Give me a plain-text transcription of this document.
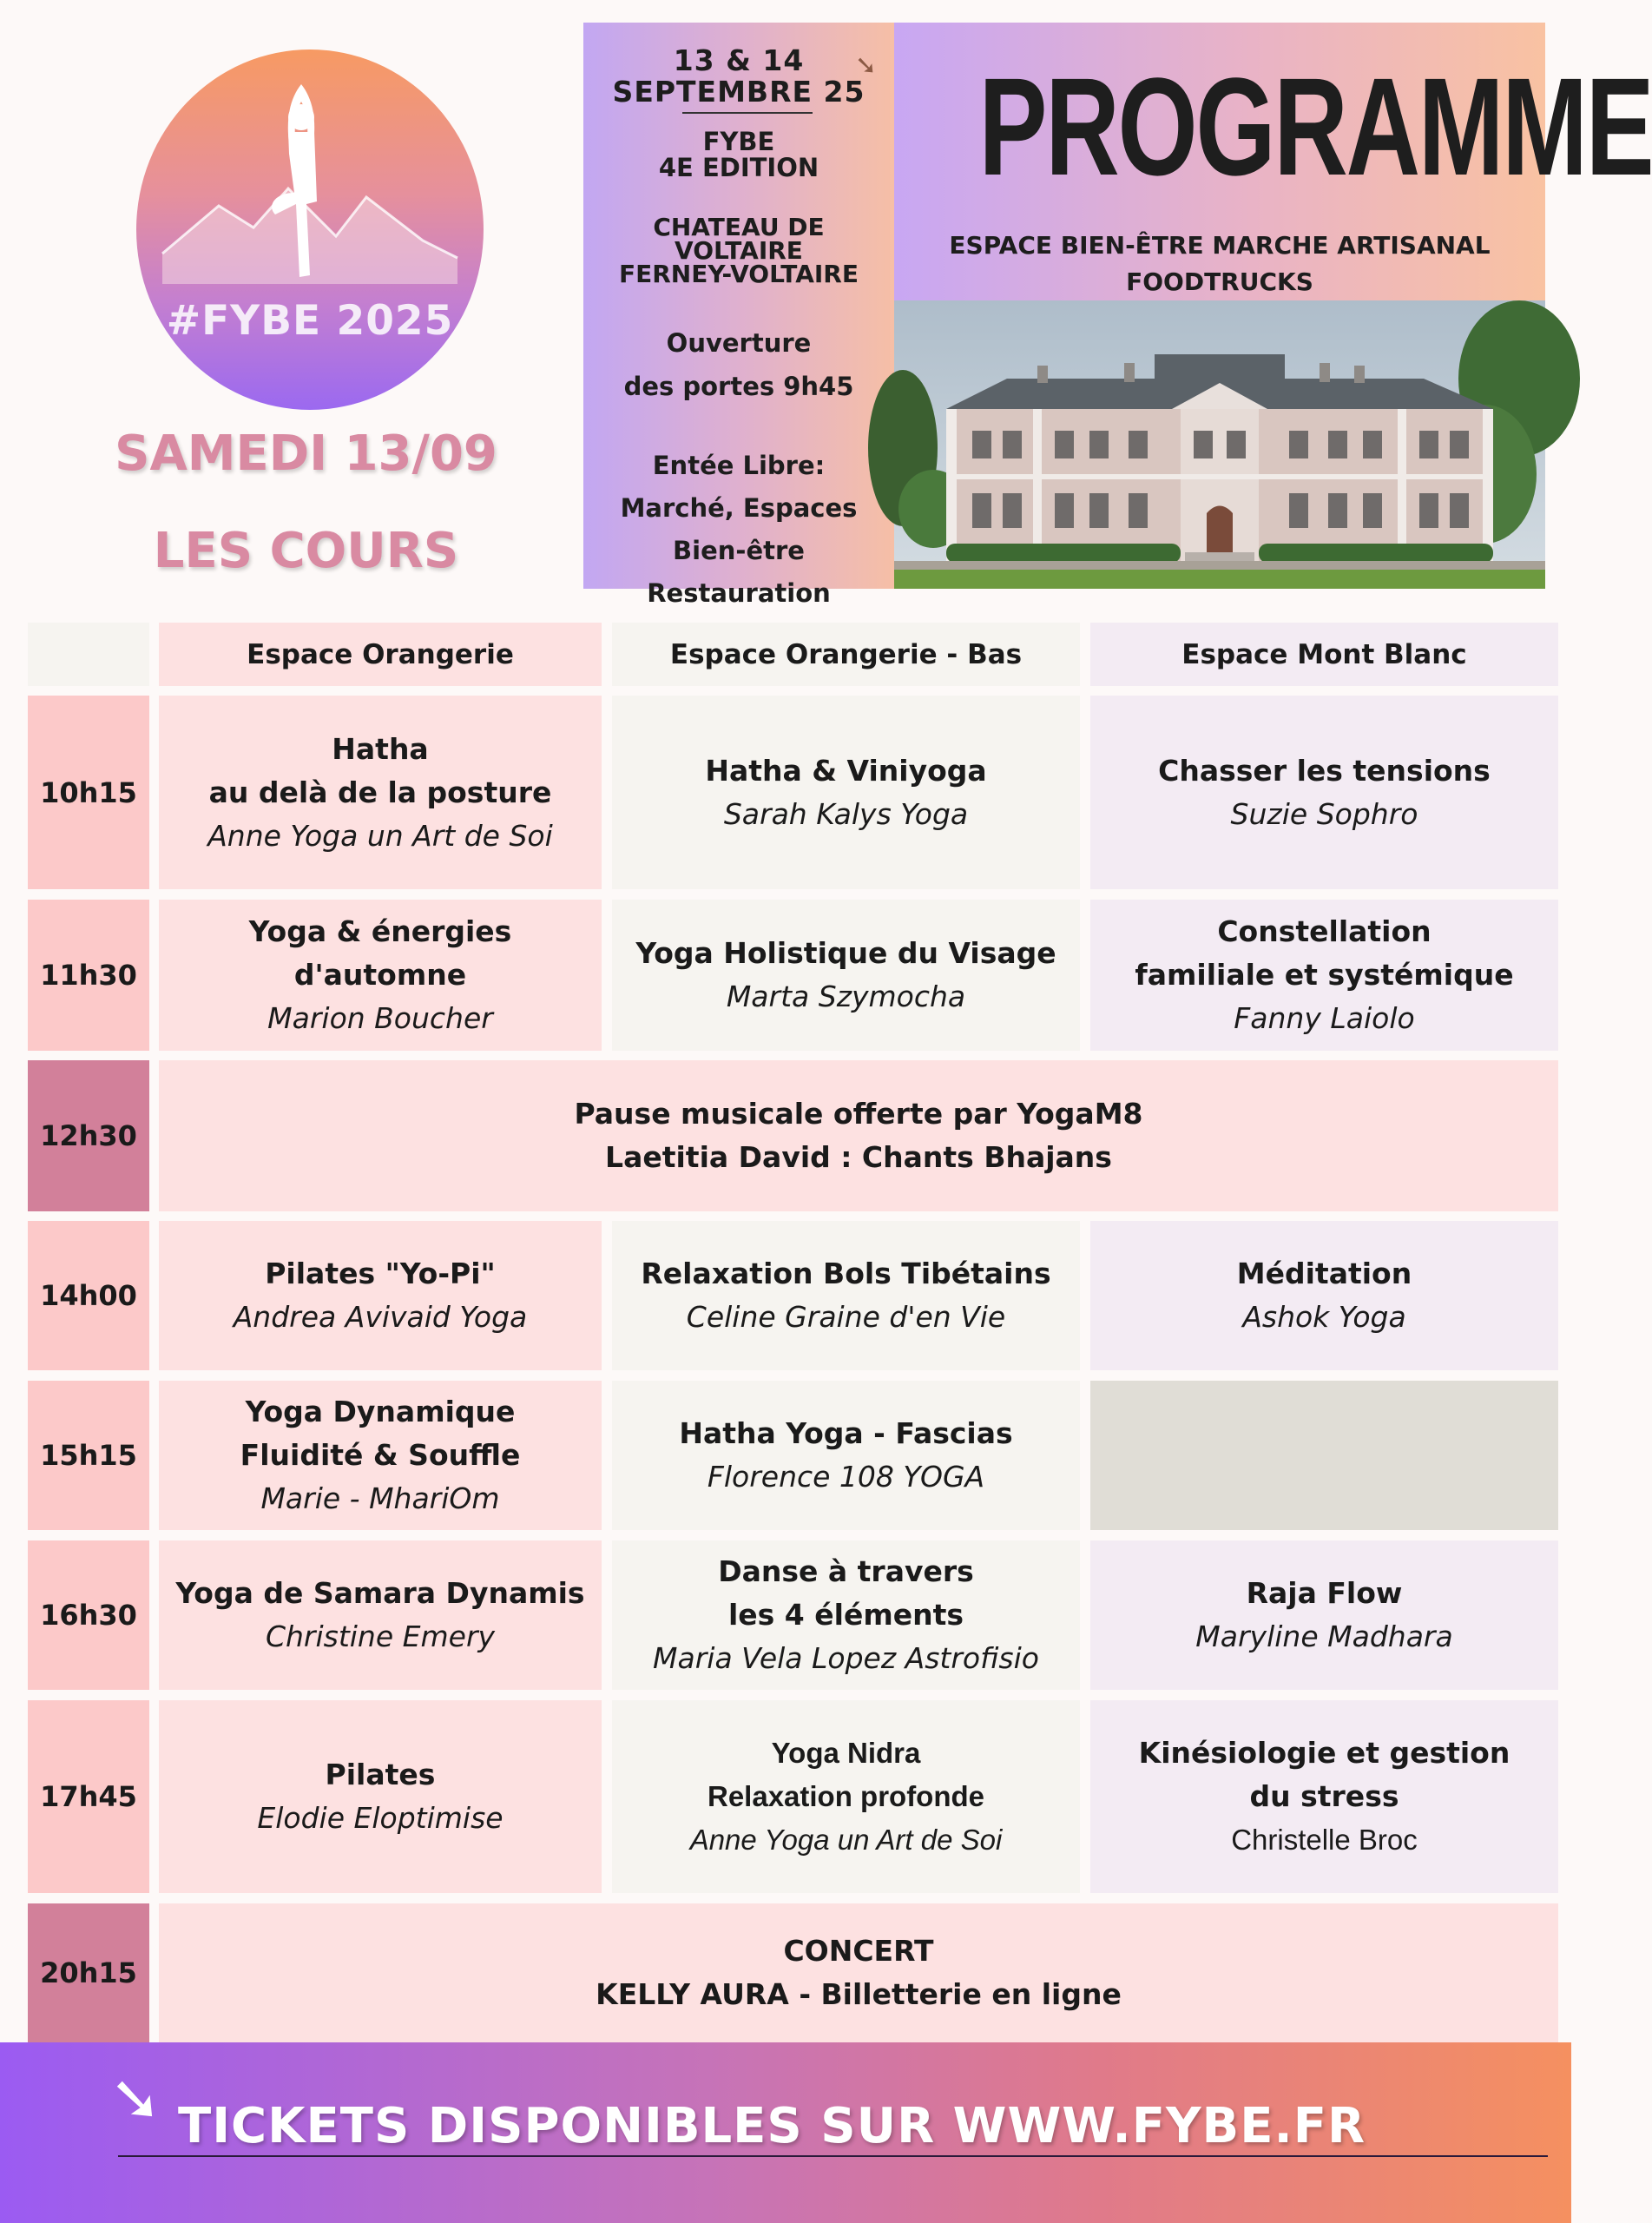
#FYBE 2025
SAMEDI 13/09
LES COURS
13 & 14
SEPTEMBRE 25
➘
FYBE
4E EDITION
CHATEAU DE
VOLTAIRE
FERNEY-VOLTAIRE
Ouverture
des portes 9h45
Entée Libre:
Marché, Espaces
Bien-être
Restauration
PROGRAMME
ESPACE BIEN-ÊTRE MARCHE ARTISANAL
FOODTRUCKS
Espace Orangerie	Espace Orangerie - Bas	Espace Mont Blanc
10h15
Hatha
au delà de la posture
Anne Yoga un Art de Soi
Hatha & Viniyoga
Sarah Kalys Yoga
Chasser les tensions
Suzie Sophro
11h30
Yoga & énergies d'automne
Marion Boucher
Yoga Holistique du Visage
Marta Szymocha
Constellation
familiale et systémique
Fanny Laiolo
12h30
Pause musicale offerte par YogaM8
Laetitia David : Chants Bhajans
14h00
Pilates "Yo-Pi"
Andrea Avivaid Yoga
Relaxation Bols Tibétains
Celine Graine d'en Vie
Méditation
Ashok Yoga
15h15
Yoga Dynamique
Fluidité & Souffle
Marie - MhariOm
Hatha Yoga - Fascias
Florence 108 YOGA
16h30
Yoga de Samara Dynamis
Christine Emery
Danse à travers
les 4 éléments
Maria Vela Lopez Astrofisio
Raja Flow
Maryline Madhara
17h45
Pilates
Elodie Eloptimise
Yoga Nidra
Relaxation profonde
Anne Yoga un Art de Soi
Kinésiologie et gestion
du stress
Christelle Broc
20h15
CONCERT
KELLY AURA - Billetterie en ligne
➘ TICKETS DISPONIBLES SUR WWW.FYBE.FR
